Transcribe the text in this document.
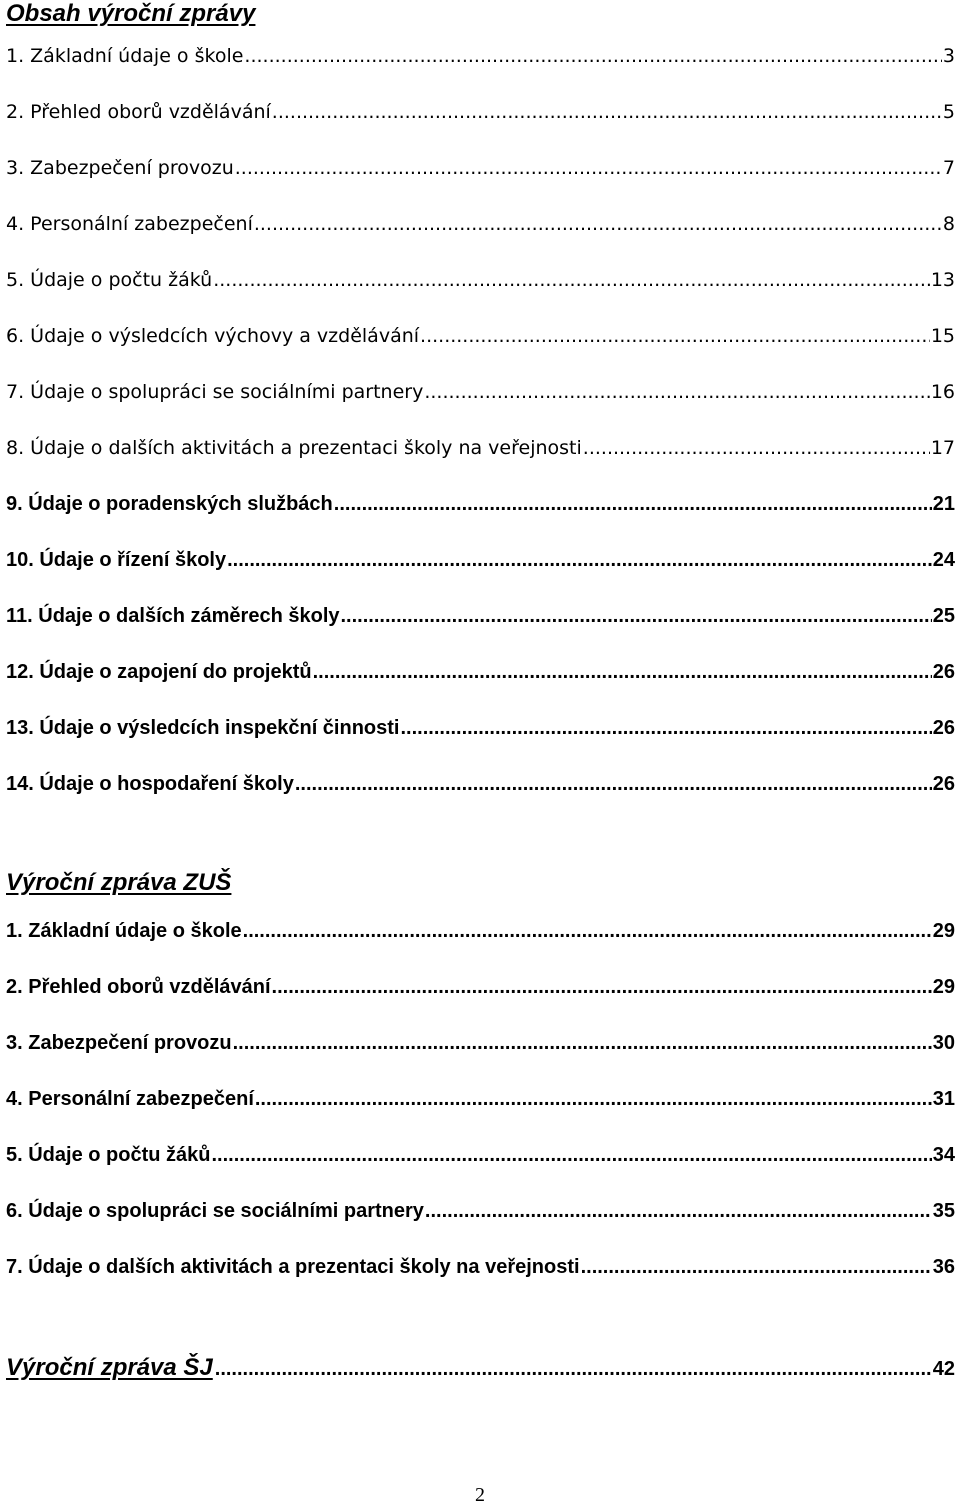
Obsah výroční zprávy
1. Základní údaje o škole .....	3
2. Přehled oborů vzdělávání .....	5
3. Zabezpečení provozu .....	7
4. Personální zabezpečení .....	8
5. Údaje o počtu žáků .....	13
6. Údaje o výsledcích výchovy a vzdělávání .....	15
7. Údaje o spolupráci se sociálními partnery .....	16
8. Údaje o dalších aktivitách a prezentaci školy na veřejnosti .....	17
9. Údaje o poradenských službách .....	21
10. Údaje o řízení školy .....	24
11. Údaje o dalších záměrech školy .....	25
12. Údaje o zapojení do projektů .....	26
13. Údaje o výsledcích inspekční činnosti .....	26
14. Údaje o hospodaření školy .....	26
Výroční zpráva ZUŠ
1. Základní údaje o škole .....	29
2. Přehled oborů vzdělávání .....	29
3. Zabezpečení provozu .....	30
4. Personální zabezpečení .....	31
5. Údaje o počtu žáků .....	34
6. Údaje o spolupráci se sociálními partnery .....	35
7. Údaje o dalších aktivitách a prezentaci školy na veřejnosti .....	36
Výroční zpráva ŠJ .....	42
2
